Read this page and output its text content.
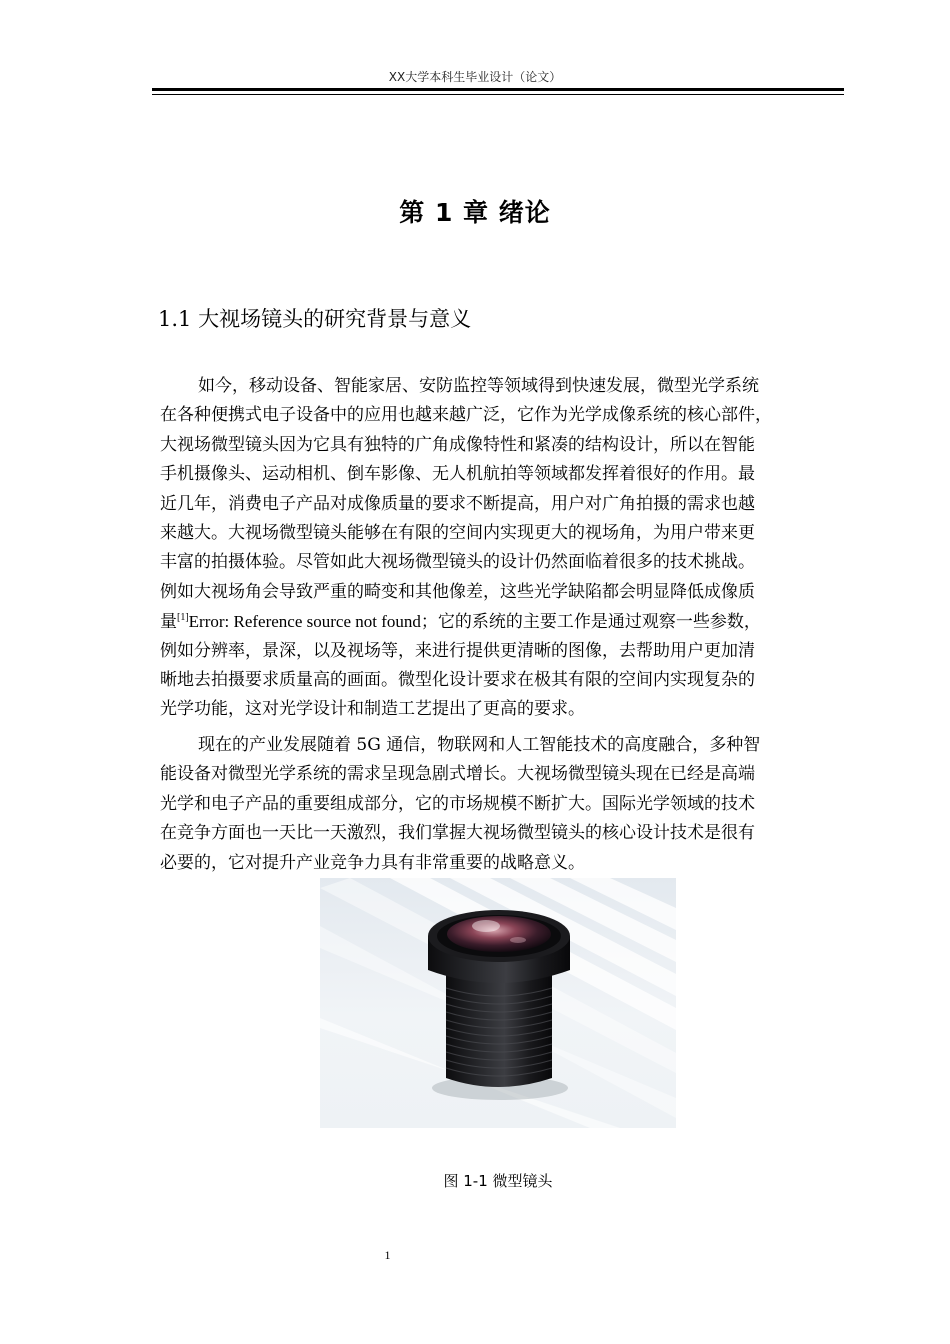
XX大学本科生毕业设计（论文）
第 1 章 绪论
1.1 大视场镜头的研究背景与意义
如今，移动设备、智能家居、安防监控等领域得到快速发展，微型光学系统
在各种便携式电子设备中的应用也越来越广泛，它作为光学成像系统的核心部件，
大视场微型镜头因为它具有独特的广角成像特性和紧凑的结构设计，所以在智能
手机摄像头、运动相机、倒车影像、无人机航拍等领域都发挥着很好的作用。最
近几年，消费电子产品对成像质量的要求不断提高，用户对广角拍摄的需求也越
来越大。大视场微型镜头能够在有限的空间内实现更大的视场角，为用户带来更
丰富的拍摄体验。尽管如此大视场微型镜头的设计仍然面临着很多的技术挑战。
例如大视场角会导致严重的畸变和其他像差，这些光学缺陷都会明显降低成像质
量[1]Error: Reference source not found；它的系统的主要工作是通过观察一些参数，
例如分辨率，景深，以及视场等，来进行提供更清晰的图像，去帮助用户更加清
晰地去拍摄要求质量高的画面。微型化设计要求在极其有限的空间内实现复杂的
光学功能，这对光学设计和制造工艺提出了更高的要求。
现在的产业发展随着 5G 通信，物联网和人工智能技术的高度融合，多种智
能设备对微型光学系统的需求呈现急剧式增长。大视场微型镜头现在已经是高端
光学和电子产品的重要组成部分，它的市场规模不断扩大。国际光学领域的技术
在竞争方面也一天比一天激烈，我们掌握大视场微型镜头的核心设计技术是很有
必要的，它对提升产业竞争力具有非常重要的战略意义。
图 1-1 微型镜头
1
